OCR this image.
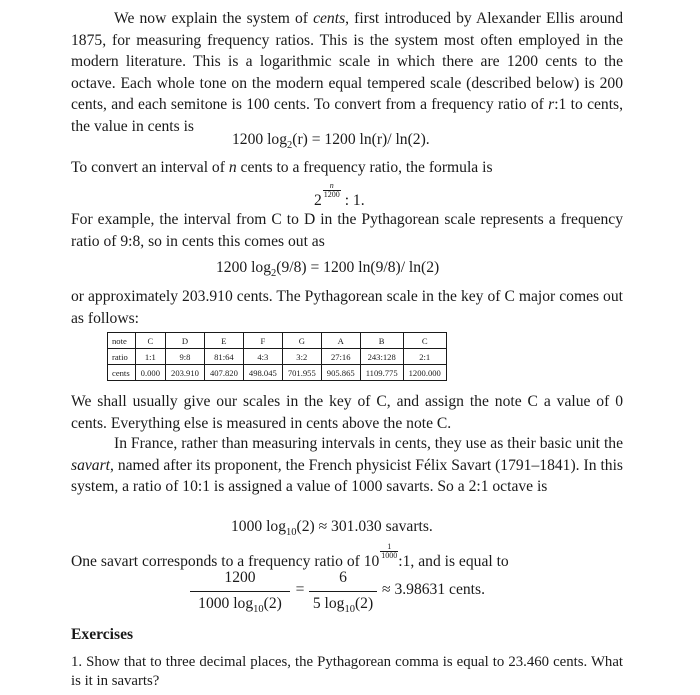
We now explain the system of cents, first introduced by Alexander Ellis around 1875, for measuring frequency ratios. This is the system most often employed in the modern literature. This is a logarithmic scale in which there are 1200 cents to the octave. Each whole tone on the modern equal tempered scale (described below) is 200 cents, and each semitone is 100 cents. To convert from a frequency ratio of r:1 to cents, the value in cents is

1200 $\log_2(r) = 1200$ ln(r)/ ln(2).

To convert an interval of n cents to a frequency ratio, the formula is

2
$\frac{n}{1200}$
: 1.

For example, the interval from C to D in the Pythagorean scale represents a frequency ratio of 9:8, so in cents this comes out as

1200 $\log_2(9/8) = 1200$ ln(9/8)/ ln(2)

or approximately 203.910 cents. The Pythagorean scale in the key of C major comes out as follows:

note	C	D	E	F	G	A	B	C
ratio	1:1	9:8	81:64	4:3	3:2	27:16	243:128	2:1
cents	0.000	203.910	407.820	498.045	701.955	905.865	1109.775	1200.000

We shall usually give our scales in the key of C, and assign the note C a value of 0 cents. Everything else is measured in cents above the note C.

In France, rather than measuring intervals in cents, they use as their basic unit the savart, named after its proponent, the French physicist Félix Savart (1791–1841). In this system, a ratio of 10:1 is assigned a value of 1000 savarts. So a 2:1 octave is

1000 $\log_{10}(2) \approx 301.030$ savarts.

One savart corresponds to a frequency ratio of 10
$\frac{1}{1000}$
:1, and is equal to

1200
1000 $\log_{10}(2)$
=
6
5 $\log_{10}(2)$
≈ 3.98631 cents.
Exercises

1. Show that to three decimal places, the Pythagorean comma is equal to 23.460 cents. What is it in savarts?
